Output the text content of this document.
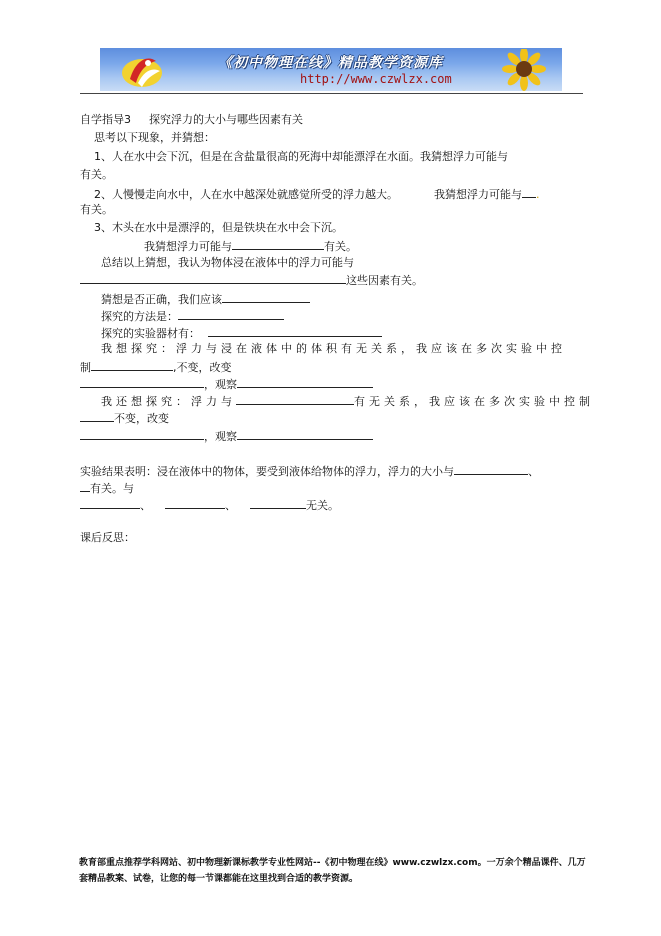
《初中物理在线》精品教学资源库
http://www.czwlzx.com
自学指导3 探究浮力的大小与哪些因素有关
思考以下现象，并猜想：
1、人在水中会下沉，但是在含盐量很高的死海中却能漂浮在水面。我猜想浮力可能与
有关。
2、人慢慢走向水中，人在水中越深处就感觉所受的浮力越大。	我猜想浮力可能与 .
有关。
3、木头在水中是漂浮的，但是铁块在水中会下沉。
我猜想浮力可能与	有关。
总结以上猜想，我认为物体浸在液体中的浮力可能与
这些因素有关。
猜想是否正确，我们应该
探究的方法是：
探究的实验器材有：
我想探究：浮力与浸在液体中的体积有无关系，我应该在多次实验中控
制	,不变，改变
，观察
我还想探究：浮力与	有无关系，我应该在多次实验中控制
不变，改变
，观察
实验结果表明：浸在液体中的物体，要受到液体给物体的浮力，浮力的大小与	、
有关。与
、	、	无关。
课后反思：
教育部重点推荐学科网站、初中物理新课标教学专业性网站--《初中物理在线》www.czwlzx.com。一万余个精品课件、几万套精品教案、试卷，让您的每一节课都能在这里找到合适的教学资源。
